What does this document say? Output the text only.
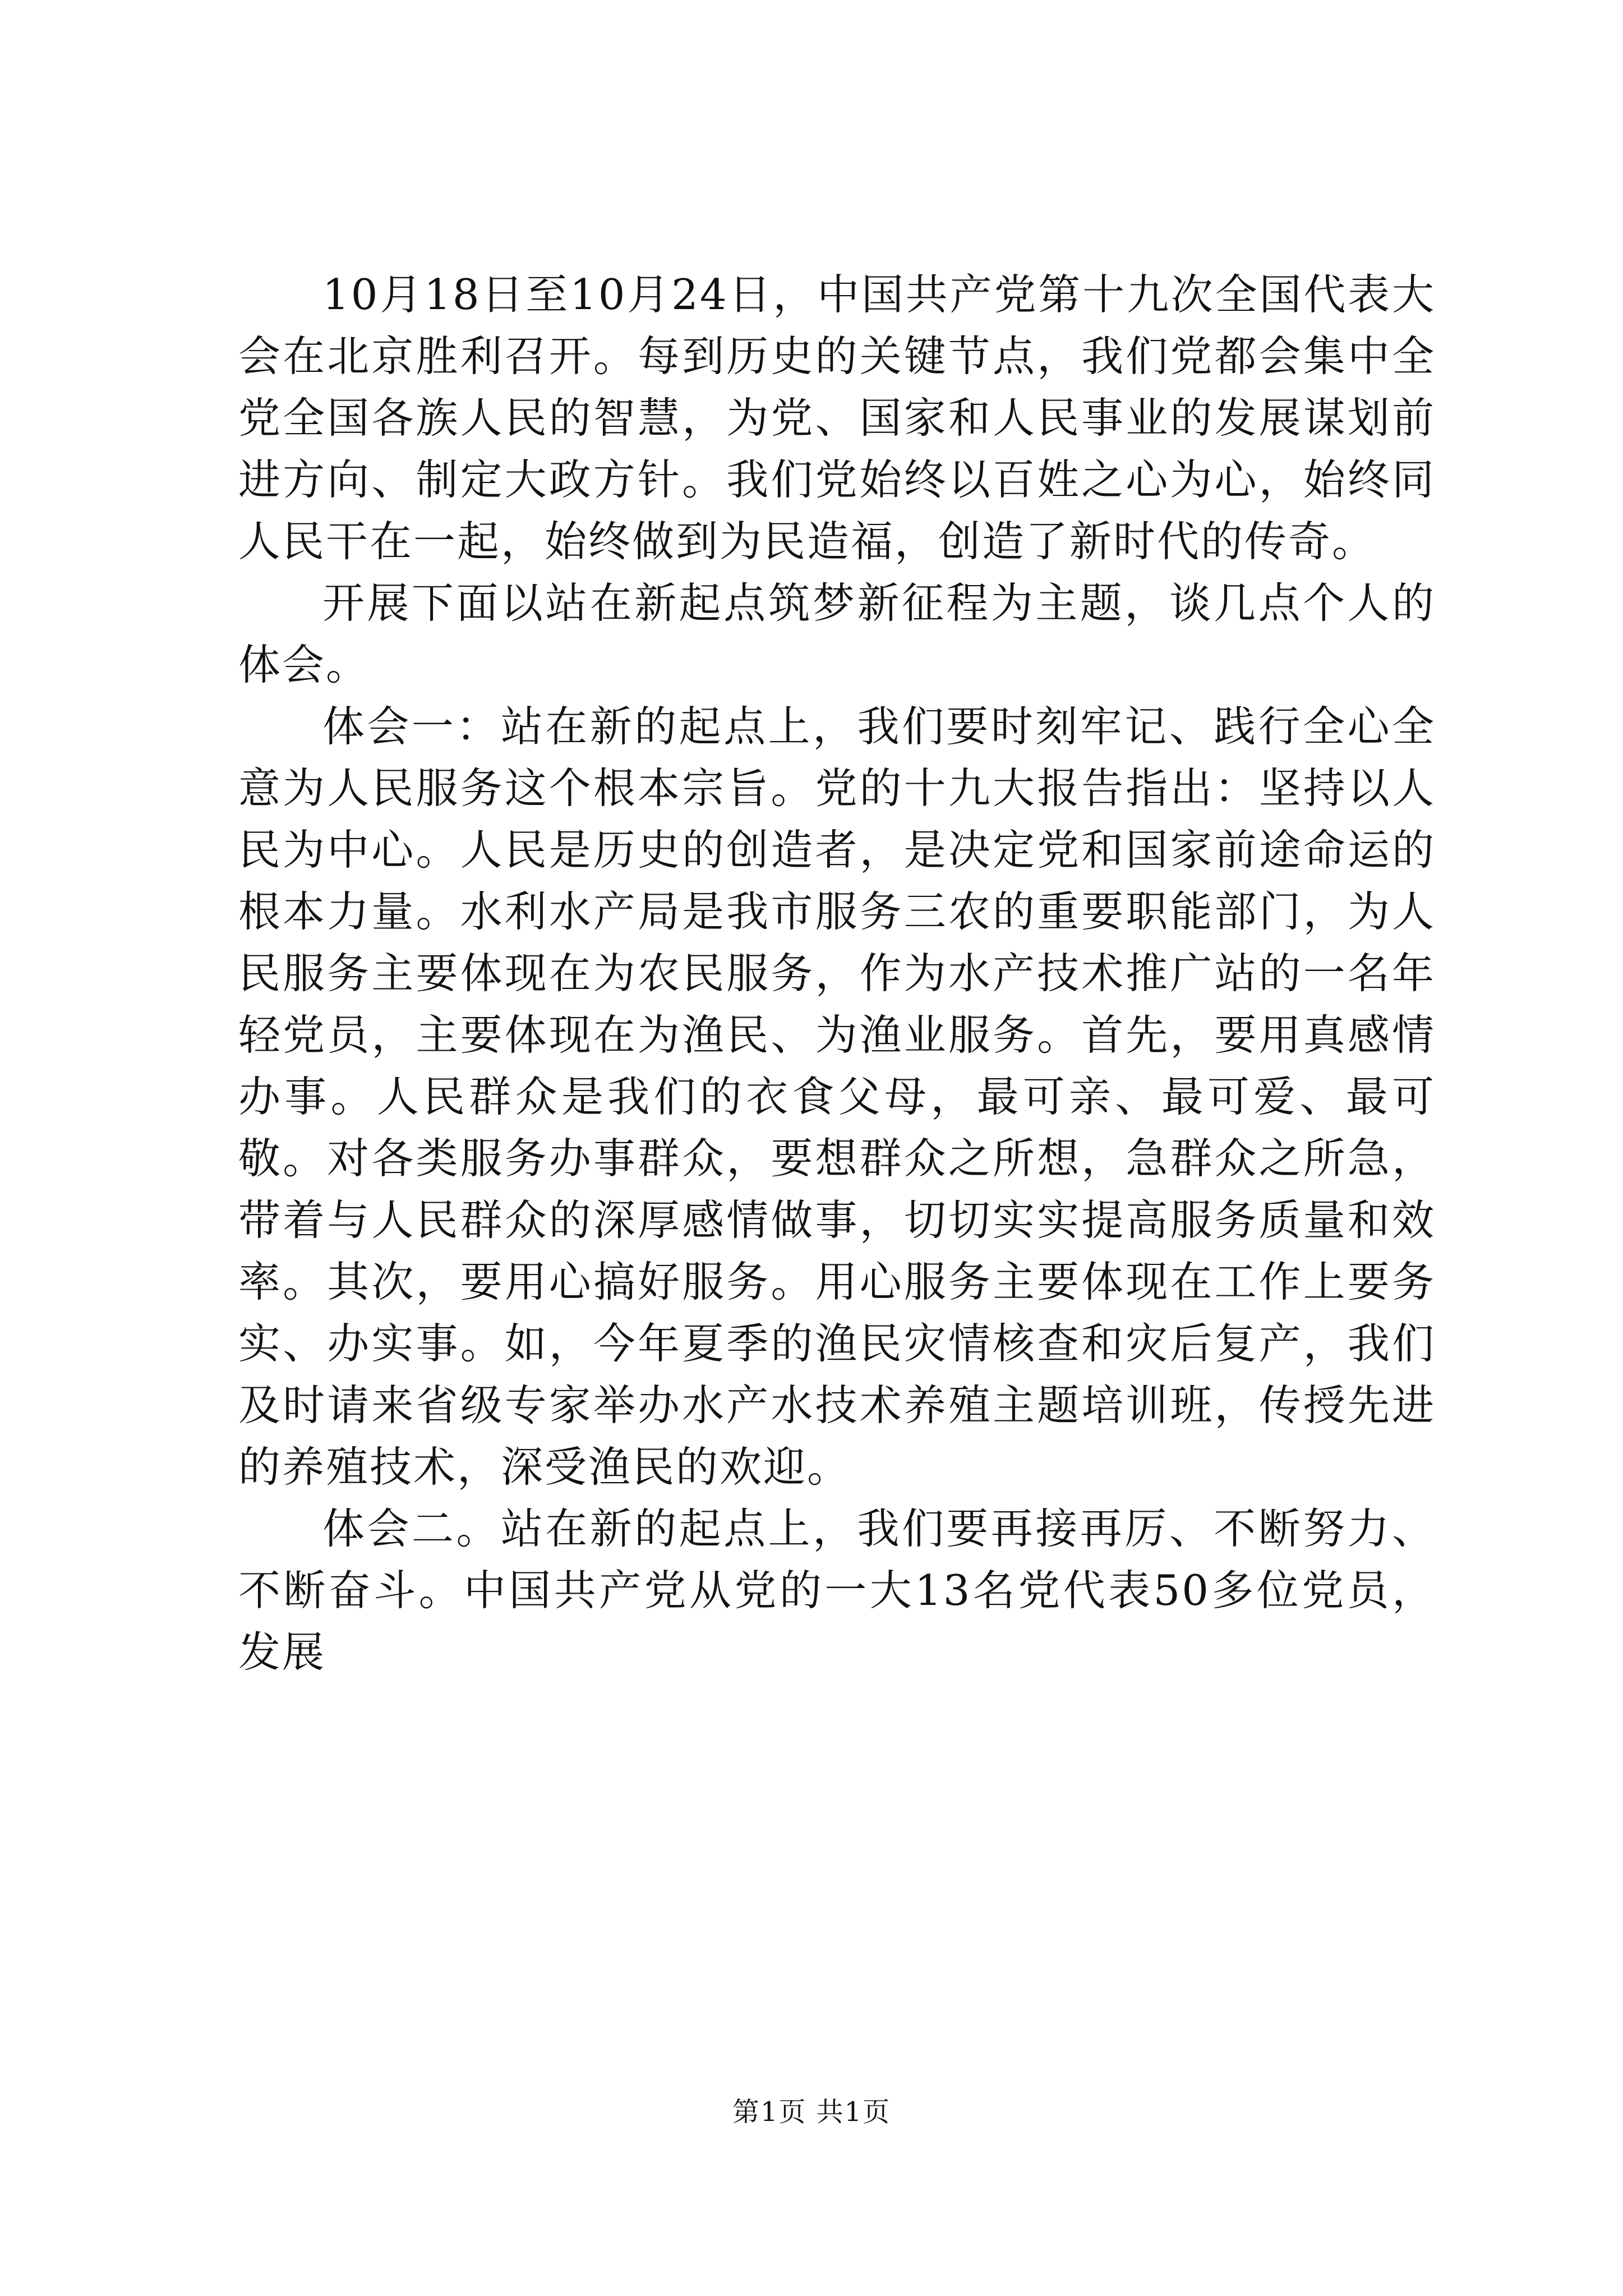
10月18日至10月24日，中国共产党第十九次全国代表大会在北京胜利召开。每到历史的关键节点，我们党都会集中全党全国各族人民的智慧，为党、国家和人民事业的发展谋划前进方向、制定大政方针。我们党始终以百姓之心为心，始终同人民干在一起，始终做到为民造福，创造了新时代的传奇。

开展下面以站在新起点筑梦新征程为主题，谈几点个人的体会。

体会一：站在新的起点上，我们要时刻牢记、践行全心全意为人民服务这个根本宗旨。党的十九大报告指出：坚持以人民为中心。人民是历史的创造者，是决定党和国家前途命运的根本力量。水利水产局是我市服务三农的重要职能部门，为人民服务主要体现在为农民服务，作为水产技术推广站的一名年轻党员，主要体现在为渔民、为渔业服务。首先，要用真感情办事。人民群众是我们的衣食父母，最可亲、最可爱、最可敬。对各类服务办事群众，要想群众之所想，急群众之所急，带着与人民群众的深厚感情做事，切切实实提高服务质量和效率。其次，要用心搞好服务。用心服务主要体现在工作上要务实、办实事。如，今年夏季的渔民灾情核查和灾后复产，我们及时请来省级专家举办水产水技术养殖主题培训班，传授先进的养殖技术，深受渔民的欢迎。

体会二。站在新的起点上，我们要再接再厉、不断努力、不断奋斗。中国共产党从党的一大13名党代表50多位党员，发展

第1页 共1页
